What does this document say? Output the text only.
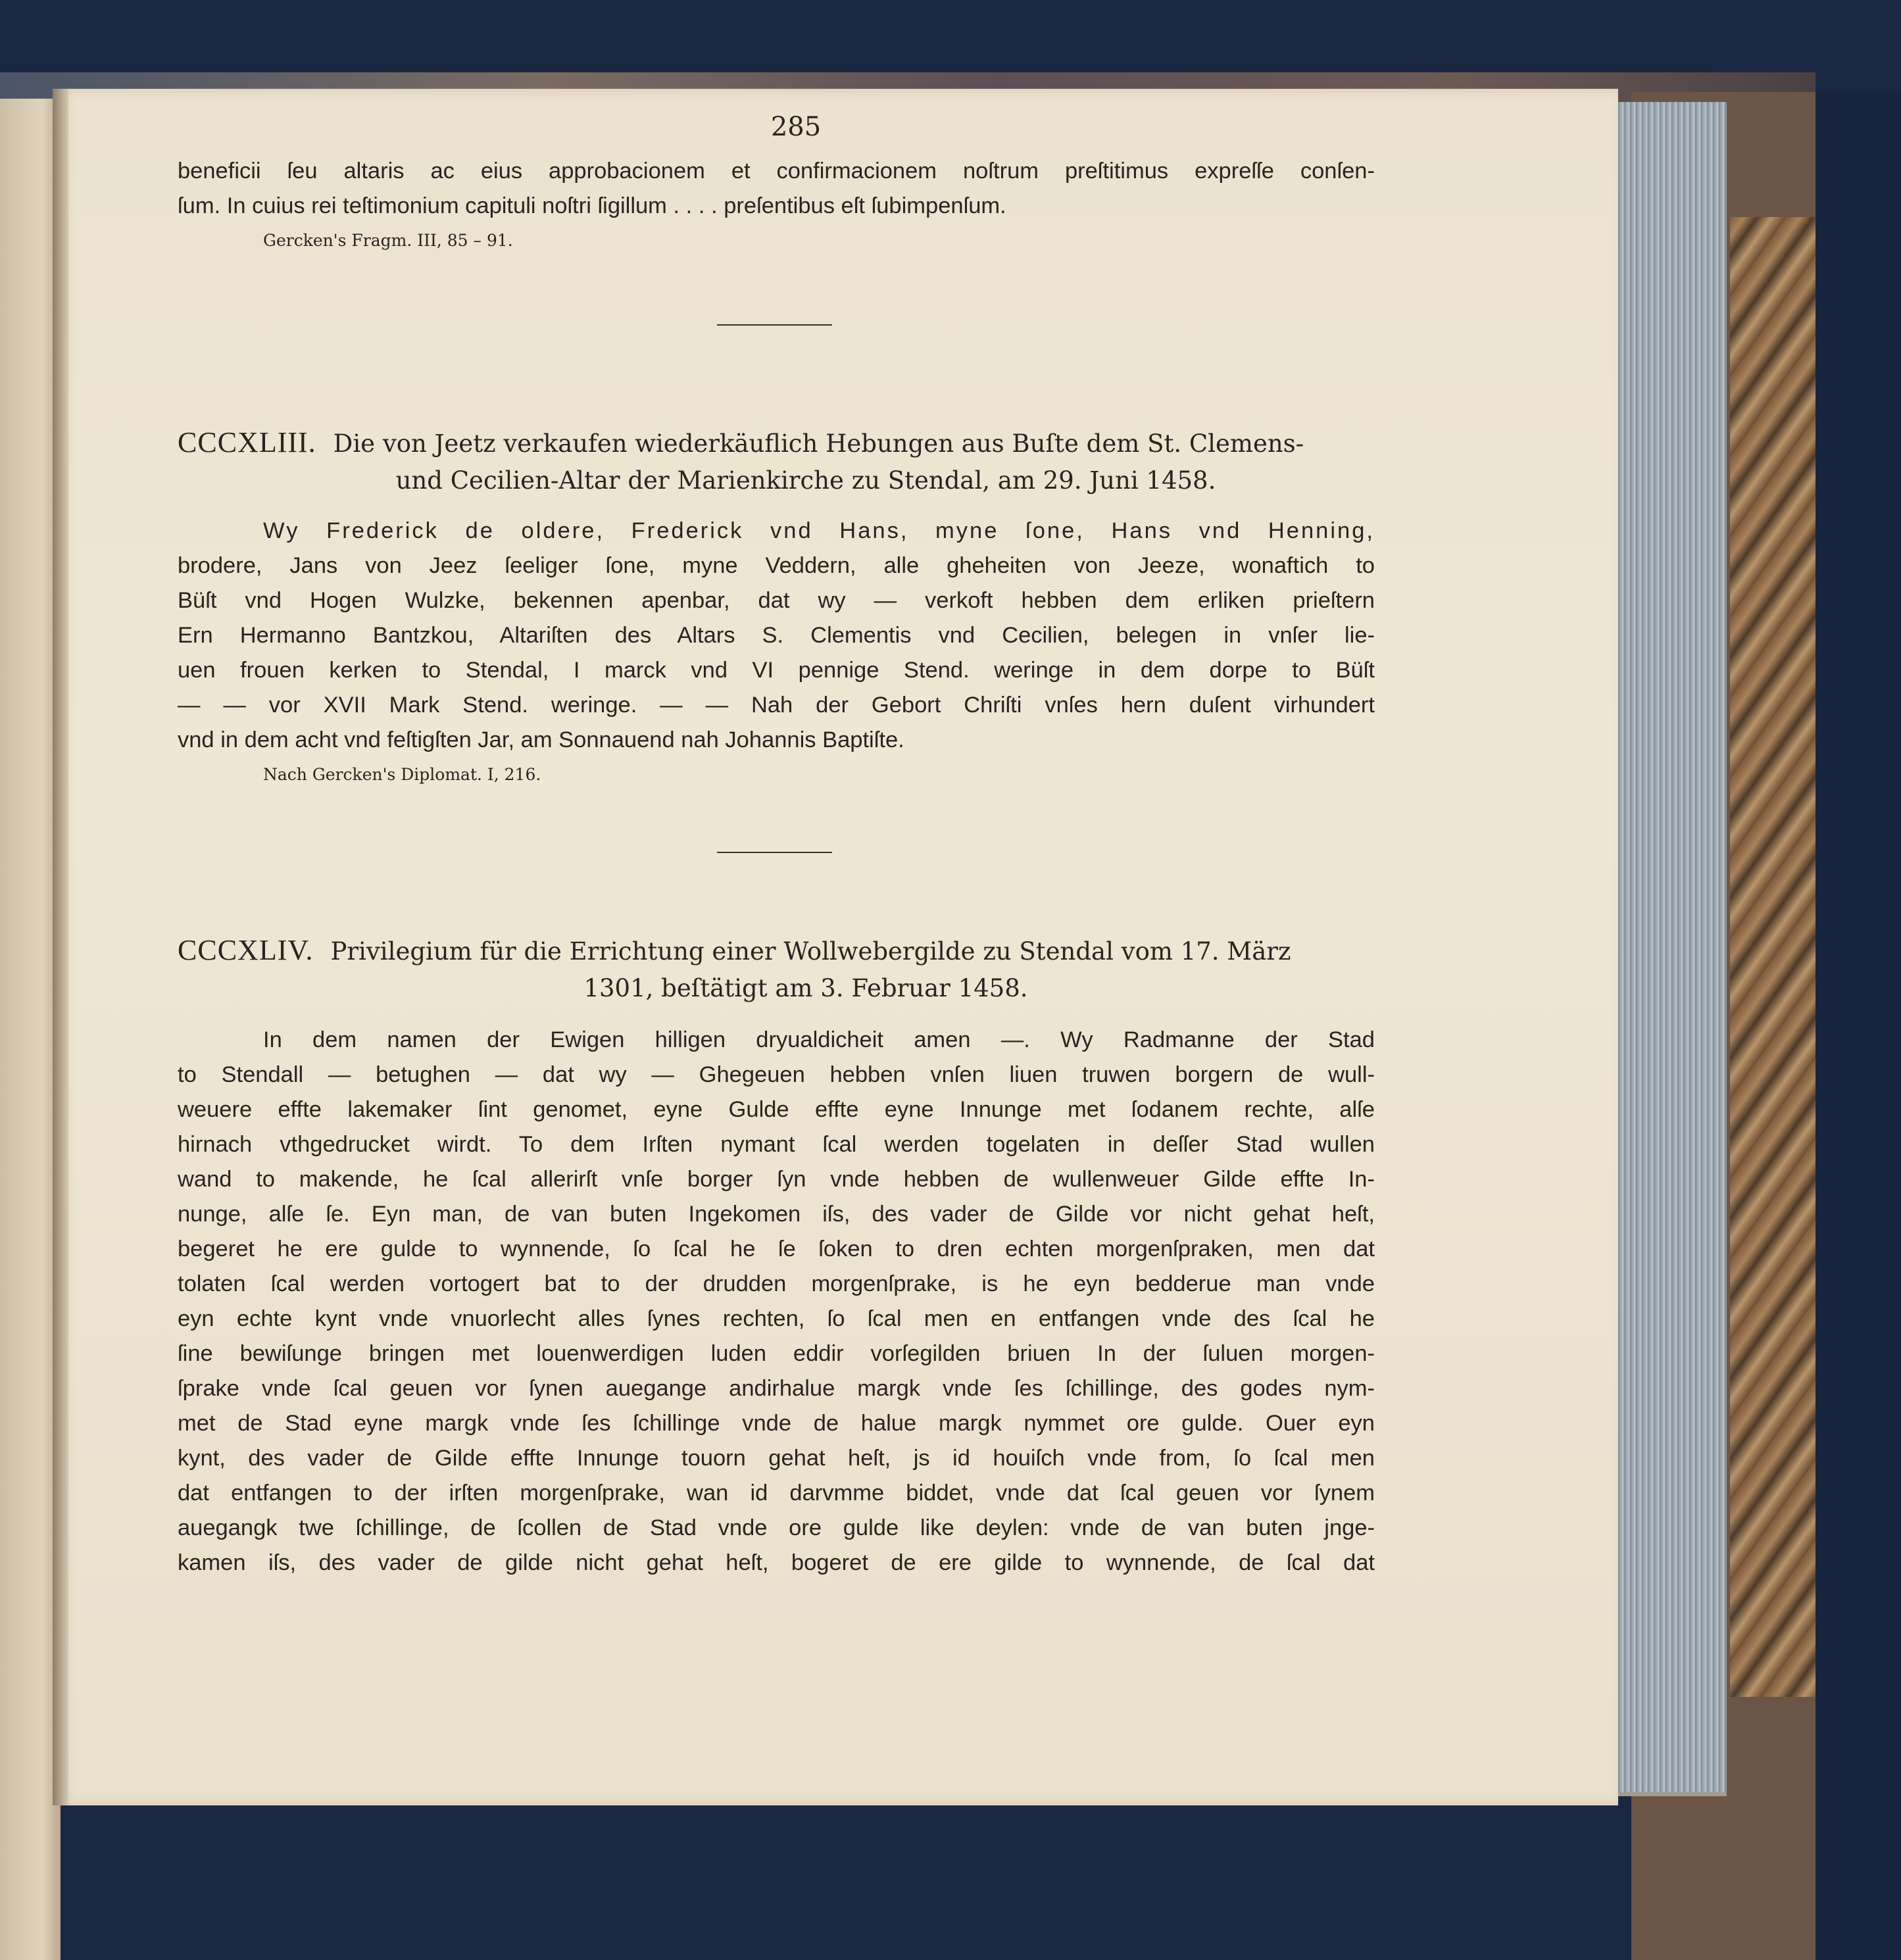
285
beneficii ſeu altaris ac eius approbacionem et confirmacionem noſtrum preſtitimus expreſſe conſen-
ſum. In cuius rei teſtimonium capituli noſtri ſigillum . . . . preſentibus eſt ſubimpenſum.
Gercken's Fragm. III, 85 – 91.
CCCXLIII. Die von Jeetz verkaufen wiederkäuflich Hebungen aus Buſte dem St. Clemens-
und Cecilien-Altar der Marienkirche zu Stendal, am 29. Juni 1458.
Wy Frederick de oldere, Frederick vnd Hans, myne ſone, Hans vnd Henning,
brodere, Jans von Jeez ſeeliger ſone, myne Veddern, alle gheheiten von Jeeze, wonaftich to
Büſt vnd Hogen Wulzke, bekennen apenbar, dat wy — verkoft hebben dem erliken prieſtern
Ern Hermanno Bantzkou, Altariſten des Altars S. Clementis vnd Cecilien, belegen in vnſer lie-
uen frouen kerken to Stendal, I marck vnd VI pennige Stend. weringe in dem dorpe to Büſt
— — vor XVII Mark Stend. weringe. — — Nah der Gebort Chriſti vnſes hern duſent virhundert
vnd in dem acht vnd feſtigſten Jar, am Sonnauend nah Johannis Baptiſte.
Nach Gercken's Diplomat. I, 216.
CCCXLIV. Privilegium für die Errichtung einer Wollwebergilde zu Stendal vom 17. März
1301, beſtätigt am 3. Februar 1458.
In dem namen der Ewigen hilligen dryualdicheit amen —. Wy Radmanne der Stad
to Stendall — betughen — dat wy — Ghegeuen hebben vnſen liuen truwen borgern de wull-
weuere effte lakemaker ſint genomet, eyne Gulde effte eyne Innunge met ſodanem rechte, alſe
hirnach vthgedrucket wirdt. To dem Irſten nymant ſcal werden togelaten in deſſer Stad wullen
wand to makende, he ſcal allerirſt vnſe borger ſyn vnde hebben de wullenweuer Gilde effte In-
nunge, alſe ſe. Eyn man, de van buten Ingekomen iſs, des vader de Gilde vor nicht gehat heſt,
begeret he ere gulde to wynnende, ſo ſcal he ſe ſoken to dren echten morgenſpraken, men dat
tolaten ſcal werden vortogert bat to der drudden morgenſprake, is he eyn bedderue man vnde
eyn echte kynt vnde vnuorlecht alles ſynes rechten, ſo ſcal men en entfangen vnde des ſcal he
ſine bewiſunge bringen met louenwerdigen luden eddir vorſegilden briuen In der ſuluen morgen-
ſprake vnde ſcal geuen vor ſynen auegange andirhalue margk vnde ſes ſchillinge, des godes nym-
met de Stad eyne margk vnde ſes ſchillinge vnde de halue margk nymmet ore gulde. Ouer eyn
kynt, des vader de Gilde effte Innunge touorn gehat heſt, js id houiſch vnde from, ſo ſcal men
dat entfangen to der irſten morgenſprake, wan id darvmme biddet, vnde dat ſcal geuen vor ſynem
auegangk twe ſchillinge, de ſcollen de Stad vnde ore gulde like deylen: vnde de van buten jnge-
kamen iſs, des vader de gilde nicht gehat heſt, bogeret de ere gilde to wynnende, de ſcal dat
